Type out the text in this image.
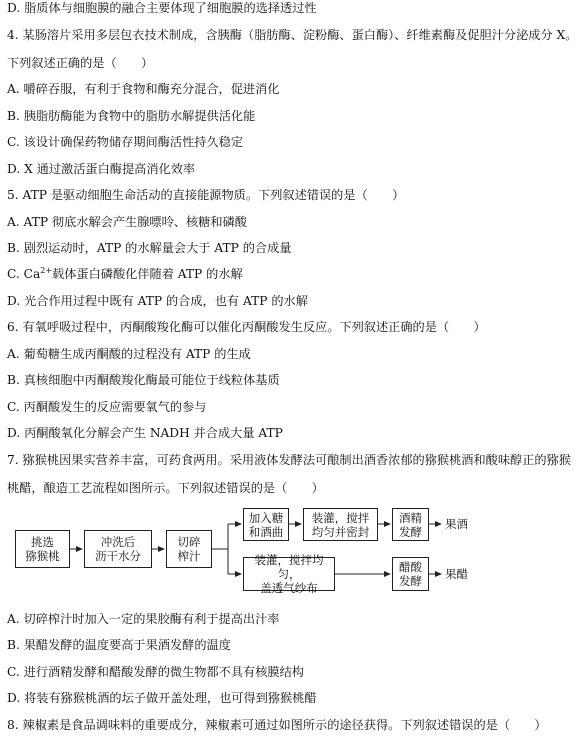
D. 脂质体与细胞膜的融合主要体现了细胞膜的选择透过性
4. 某肠溶片采用多层包衣技术制成，含胰酶（脂肪酶、淀粉酶、蛋白酶）、纤维素酶及促胆汁分泌成分 X。
下列叙述正确的是（　　）
A. 嚼碎吞服，有利于食物和酶充分混合，促进消化
B. 胰脂肪酶能为食物中的脂肪水解提供活化能
C. 该设计确保药物储存期间酶活性持久稳定
D. X 通过激活蛋白酶提高消化效率
5. ATP 是驱动细胞生命活动的直接能源物质。下列叙述错误的是（　　）
A. ATP 彻底水解会产生腺嘌呤、核糖和磷酸
B. 剧烈运动时，ATP 的水解量会大于 ATP 的合成量
C. $Ca^{2+}$载体蛋白磷酸化伴随着 ATP 的水解
D. 光合作用过程中既有 ATP 的合成，也有 ATP 的水解
6. 有氧呼吸过程中，丙酮酸羧化酶可以催化丙酮酸发生反应。下列叙述正确的是（　　）
A. 葡萄糖生成丙酮酸的过程没有 ATP 的生成
B. 真核细胞中丙酮酸羧化酶最可能位于线粒体基质
C. 丙酮酸发生的反应需要氧气的参与
D. 丙酮酸氧化分解会产生 NADH 并合成大量 ATP
7. 猕猴桃因果实营养丰富，可药食两用。采用液体发酵法可酿制出酒香浓郁的猕猴桃酒和酸味醇正的猕猴
桃醋，酿造工艺流程如图所示。下列叙述错误的是（　　）
挑选
猕猴桃
冲洗后
沥干水分
切碎
榨汁
加入糖
和酒曲
装灌，搅拌
均匀并密封
酒精
发酵
果酒
装灌，搅拌均匀，
盖透气纱布
醋酸
发酵 果醋
A. 切碎榨汁时加入一定的果胶酶有利于提高出汁率
B. 果醋发酵的温度要高于果酒发酵的温度
C. 进行酒精发酵和醋酸发酵的微生物都不具有核膜结构
D. 将装有猕猴桃酒的坛子做开盖处理，也可得到猕猴桃醋
8. 辣椒素是食品调味料的重要成分，辣椒素可通过如图所示的途径获得。下列叙述错误的是（　　）
